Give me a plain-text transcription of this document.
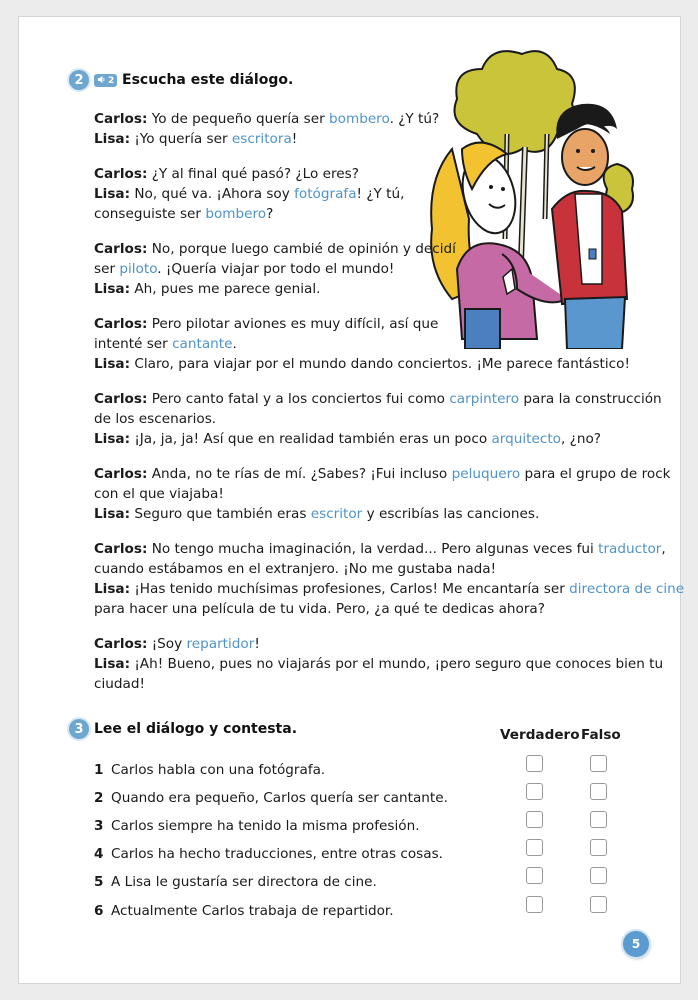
2	2 Escucha este diálogo.
Carlos: Yo de pequeño quería ser bombero. ¿Y tú?
Lisa: ¡Yo quería ser escritora!
Carlos: ¿Y al final qué pasó? ¿Lo eres?
Lisa: No, qué va. ¡Ahora soy fotógrafa! ¿Y tú,
conseguiste ser bombero?
Carlos: No, porque luego cambié de opinión y decidí
ser piloto. ¡Quería viajar por todo el mundo!
Lisa: Ah, pues me parece genial.
Carlos: Pero pilotar aviones es muy difícil, así que
intenté ser cantante.
Lisa: Claro, para viajar por el mundo dando conciertos. ¡Me parece fantástico!
Carlos: Pero canto fatal y a los conciertos fui como carpintero para la construcción
de los escenarios.
Lisa: ¡Ja, ja, ja! Así que en realidad también eras un poco arquitecto, ¿no?
Carlos: Anda, no te rías de mí. ¿Sabes? ¡Fui incluso peluquero para el grupo de rock
con el que viajaba!
Lisa: Seguro que también eras escritor y escribías las canciones.
Carlos: No tengo mucha imaginación, la verdad... Pero algunas veces fui traductor,
cuando estábamos en el extranjero. ¡No me gustaba nada!
Lisa: ¡Has tenido muchísimas profesiones, Carlos! Me encantaría ser directora de cine
para hacer una película de tu vida. Pero, ¿a qué te dedicas ahora?
Carlos: ¡Soy repartidor!
Lisa: ¡Ah! Bueno, pues no viajarás por el mundo, ¡pero seguro que conoces bien tu
ciudad!
3 Lee el diálogo y contesta.	Verdadero Falso
1 Carlos habla con una fotógrafa.
2 Quando era pequeño, Carlos quería ser cantante.
3 Carlos siempre ha tenido la misma profesión.
4 Carlos ha hecho traducciones, entre otras cosas.
5 A Lisa le gustaría ser directora de cine.
6 Actualmente Carlos trabaja de repartidor.
5
